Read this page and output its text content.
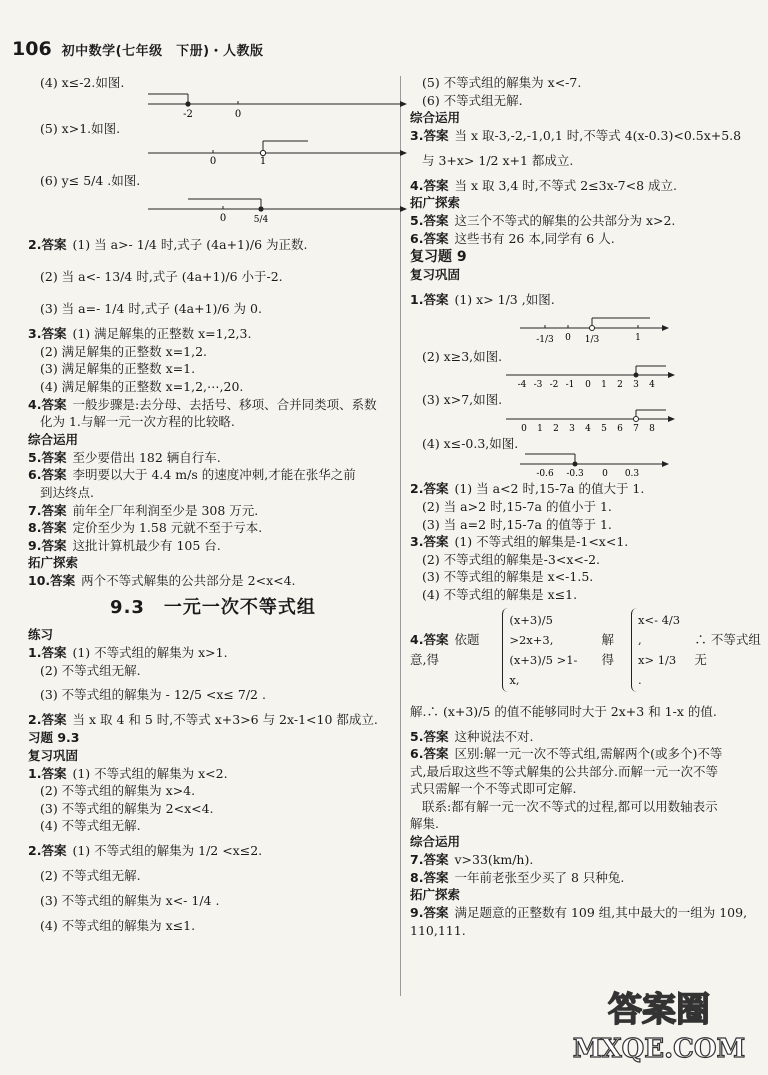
106 初中数学(七年级　下册)・人教版
(4) x≤-2.如图.
-2	0
(5) x>1.如图.
0	1
(6) y≤ 5/4 .如图.
0	5/4
2.答案 (1) 当 a>- 1/4 时,式子 (4a+1)/6 为正数.
(2) 当 a<- 13/4 时,式子 (4a+1)/6 小于-2.
(3) 当 a=- 1/4 时,式子 (4a+1)/6 为 0.
3.答案 (1) 满足解集的正整数 x=1,2,3.
(2) 满足解集的正整数 x=1,2.
(3) 满足解集的正整数 x=1.
(4) 满足解集的正整数 x=1,2,⋯,20.
4.答案 一般步骤是:去分母、去括号、移项、合并同类项、系数
化为 1.与解一元一次方程的比较略.
综合运用
5.答案 至少要借出 182 辆自行车.
6.答案 李明要以大于 4.4 m/s 的速度冲刺,才能在张华之前
到达终点.
7.答案 前年全厂年利润至少是 308 万元.
8.答案 定价至少为 1.58 元就不至于亏本.
9.答案 这批计算机最少有 105 台.
拓广探索
10.答案 两个不等式解集的公共部分是 2<x<4.
9.3　一元一次不等式组
练习
1.答案 (1) 不等式组的解集为 x>1.
(2) 不等式组无解.
(3) 不等式组的解集为 - 12/5 <x≤ 7/2 .
2.答案 当 x 取 4 和 5 时,不等式 x+3>6 与 2x-1<10 都成立.
习题 9.3
复习巩固
1.答案 (1) 不等式组的解集为 x<2.
(2) 不等式组的解集为 x>4.
(3) 不等式组的解集为 2<x<4.
(4) 不等式组无解.
2.答案 (1) 不等式组的解集为 1/2 <x≤2.
(2) 不等式组无解.
(3) 不等式组的解集为 x<- 1/4 .
(4) 不等式组的解集为 x≤1.
(5) 不等式组的解集为 x<-7.
(6) 不等式组无解.
综合运用
3.答案 当 x 取-3,-2,-1,0,1 时,不等式 4(x-0.3)<0.5x+5.8
与 3+x> 1/2 x+1 都成立.
4.答案 当 x 取 3,4 时,不等式 2≤3x-7<8 成立.
拓广探索
5.答案 这三个不等式的解集的公共部分为 x>2.
6.答案 这些书有 26 本,同学有 6 人.
复习题 9
复习巩固
1.答案 (1) x> 1/3 ,如图.
-1/3 0 1/3	1
(2) x≥3,如图.
-4 -3 -2 -1 0 1 2 3 4
(3) x>7,如图.
0 1 2 3 4 5 6 7 8
(4) x≤-0.3,如图.
-0.6 -0.3 0 0.3
2.答案 (1) 当 a<2 时,15-7a 的值大于 1.
(2) 当 a>2 时,15-7a 的值小于 1.
(3) 当 a=2 时,15-7a 的值等于 1.
3.答案 (1) 不等式组的解集是-1<x<1.
(2) 不等式组的解集是-3<x<-2.
(3) 不等式组的解集是 x<-1.5.
(4) 不等式组的解集是 x≤1.
4.答案 依题意,得
(x+3)/5 >2x+3,
(x+3)/5 >1-x,
解得
x<- 4/3 ,
x> 1/3 .
∴ 不等式组无
解.∴ (x+3)/5 的值不能够同时大于 2x+3 和 1-x 的值.
5.答案 这种说法不对.
6.答案 区别:解一元一次不等式组,需解两个(或多个)不等
式,最后取这些不等式解集的公共部分.而解一元一次不等
式只需解一个不等式即可定解.
联系:都有解一元一次不等式的过程,都可以用数轴表示
解集.
综合运用
7.答案 v>33(km/h).
8.答案 一年前老张至少买了 8 只种兔.
拓广探索
9.答案 满足题意的正整数有 109 组,其中最大的一组为 109,
110,111.
答案圈
MXQE.COM
